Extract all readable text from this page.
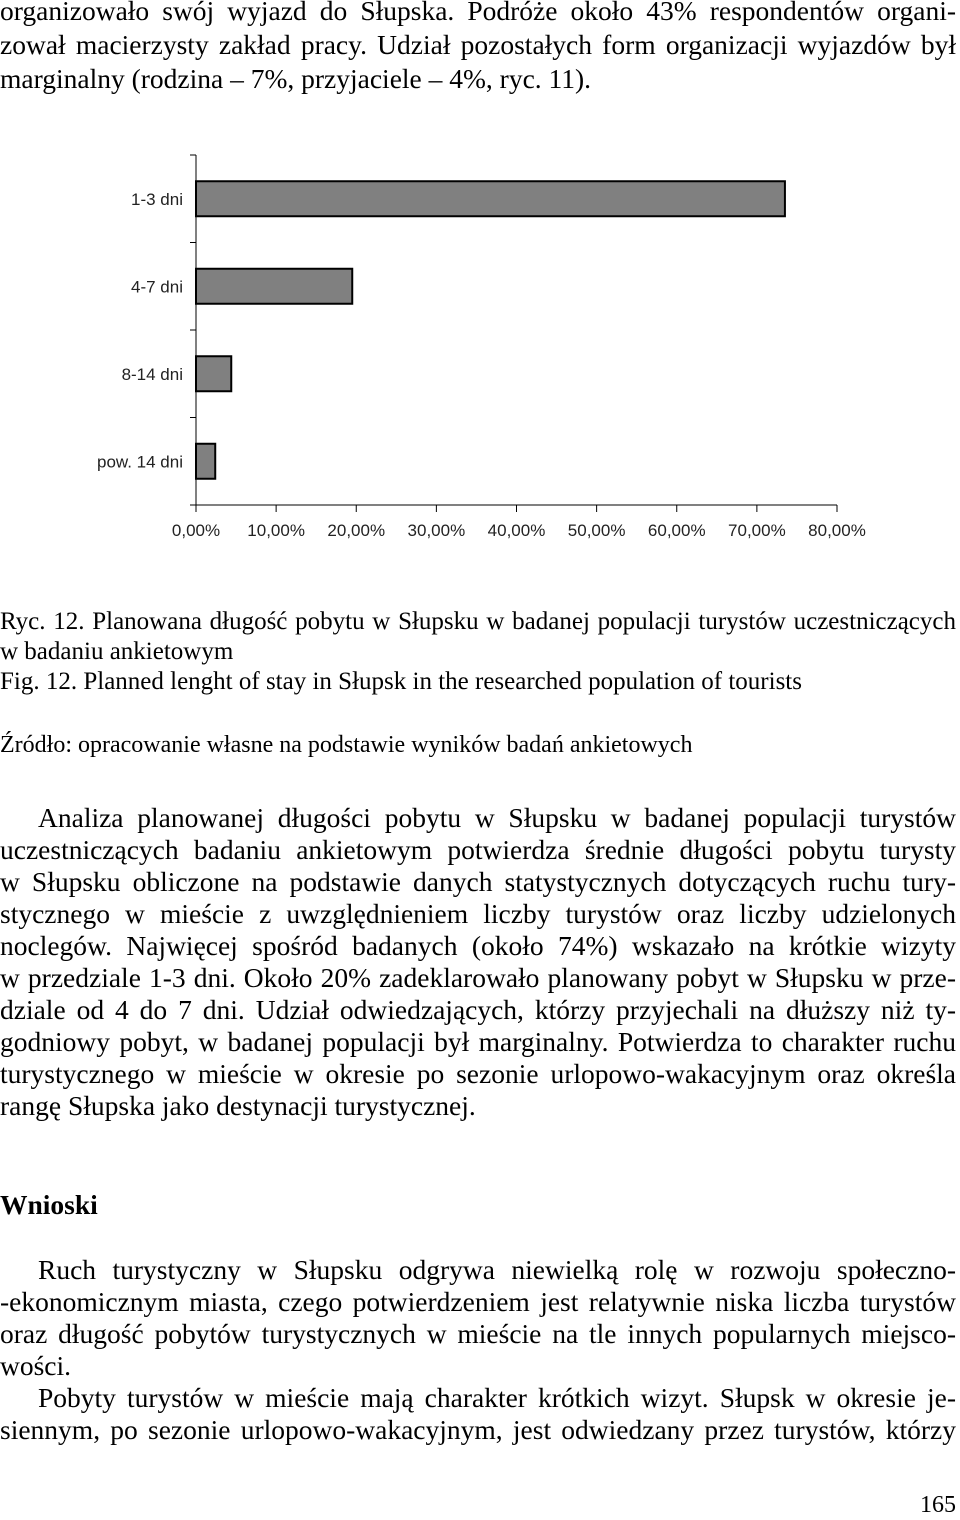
organizowało swój wyjazd do Słupska. Podróże około 43% respondentów organi-
zował macierzysty zakład pracy. Udział pozostałych form organizacji wyjazdów był
marginalny (rodzina – 7%, przyjaciele – 4%, ryc. 11).
1-3 dni
4-7 dni
8-14 dni
pow. 14 dni
0,00% 10,00% 20,00% 30,00% 40,00% 50,00% 60,00% 70,00% 80,00%
Ryc. 12. Planowana długość pobytu w Słupsku w badanej populacji turystów uczestniczących
w badaniu ankietowym
Fig. 12. Planned lenght of stay in Słupsk in the researched population of tourists
Źródło: opracowanie własne na podstawie wyników badań ankietowych
Analiza planowanej długości pobytu w Słupsku w badanej populacji turystów
uczestniczących badaniu ankietowym potwierdza średnie długości pobytu turysty
w Słupsku obliczone na podstawie danych statystycznych dotyczących ruchu tury-
stycznego w mieście z uwzględnieniem liczby turystów oraz liczby udzielonych
noclegów. Najwięcej spośród badanych (około 74%) wskazało na krótkie wizyty
w przedziale 1-3 dni. Około 20% zadeklarowało planowany pobyt w Słupsku w prze-
dziale od 4 do 7 dni. Udział odwiedzających, którzy przyjechali na dłuższy niż ty-
godniowy pobyt, w badanej populacji był marginalny. Potwierdza to charakter ruchu
turystycznego w mieście w okresie po sezonie urlopowo-wakacyjnym oraz określa
rangę Słupska jako destynacji turystycznej.
Wnioski
Ruch turystyczny w Słupsku odgrywa niewielką rolę w rozwoju społeczno-
-ekonomicznym miasta, czego potwierdzeniem jest relatywnie niska liczba turystów
oraz długość pobytów turystycznych w mieście na tle innych popularnych miejsco-
wości.
Pobyty turystów w mieście mają charakter krótkich wizyt. Słupsk w okresie je-
siennym, po sezonie urlopowo-wakacyjnym, jest odwiedzany przez turystów, którzy
165
